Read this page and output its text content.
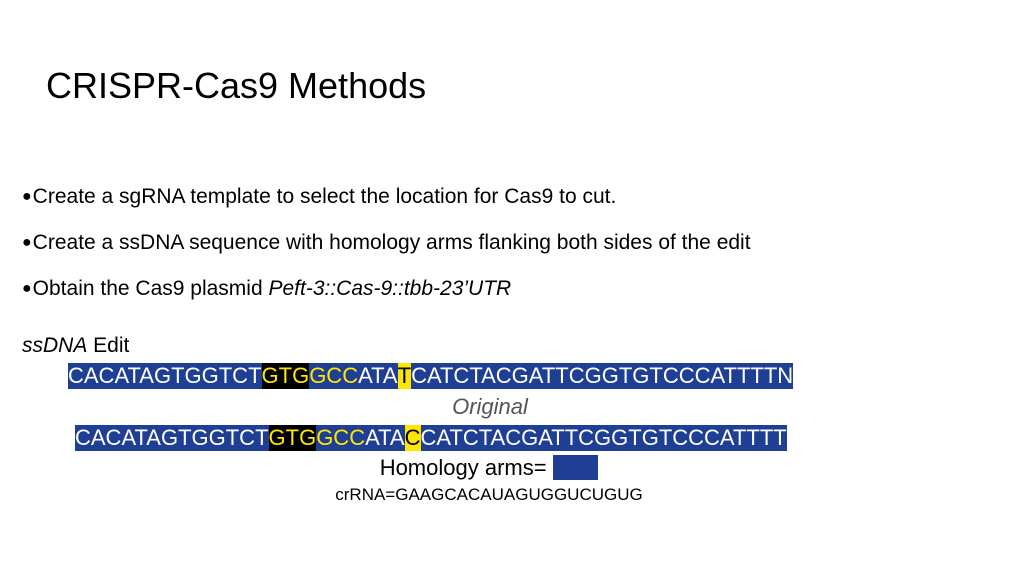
CRISPR-Cas9 Methods
●Create a sgRNA template to select the location for Cas9 to cut.
●Create a ssDNA sequence with homology arms flanking both sides of the edit
●Obtain the Cas9 plasmid Peft-3::Cas-9::tbb-23’UTR
ssDNA Edit
CACATAGTGGTCTGTGGCCATATCATCTACGATTCGGTGTCCCATTTTN
Original
CACATAGTGGTCTGTGGCCATACCATCTACGATTCGGTGTCCCATTTT
Homology arms= blue
crRNA=GAAGCACAUAGUGGUCUGUG
